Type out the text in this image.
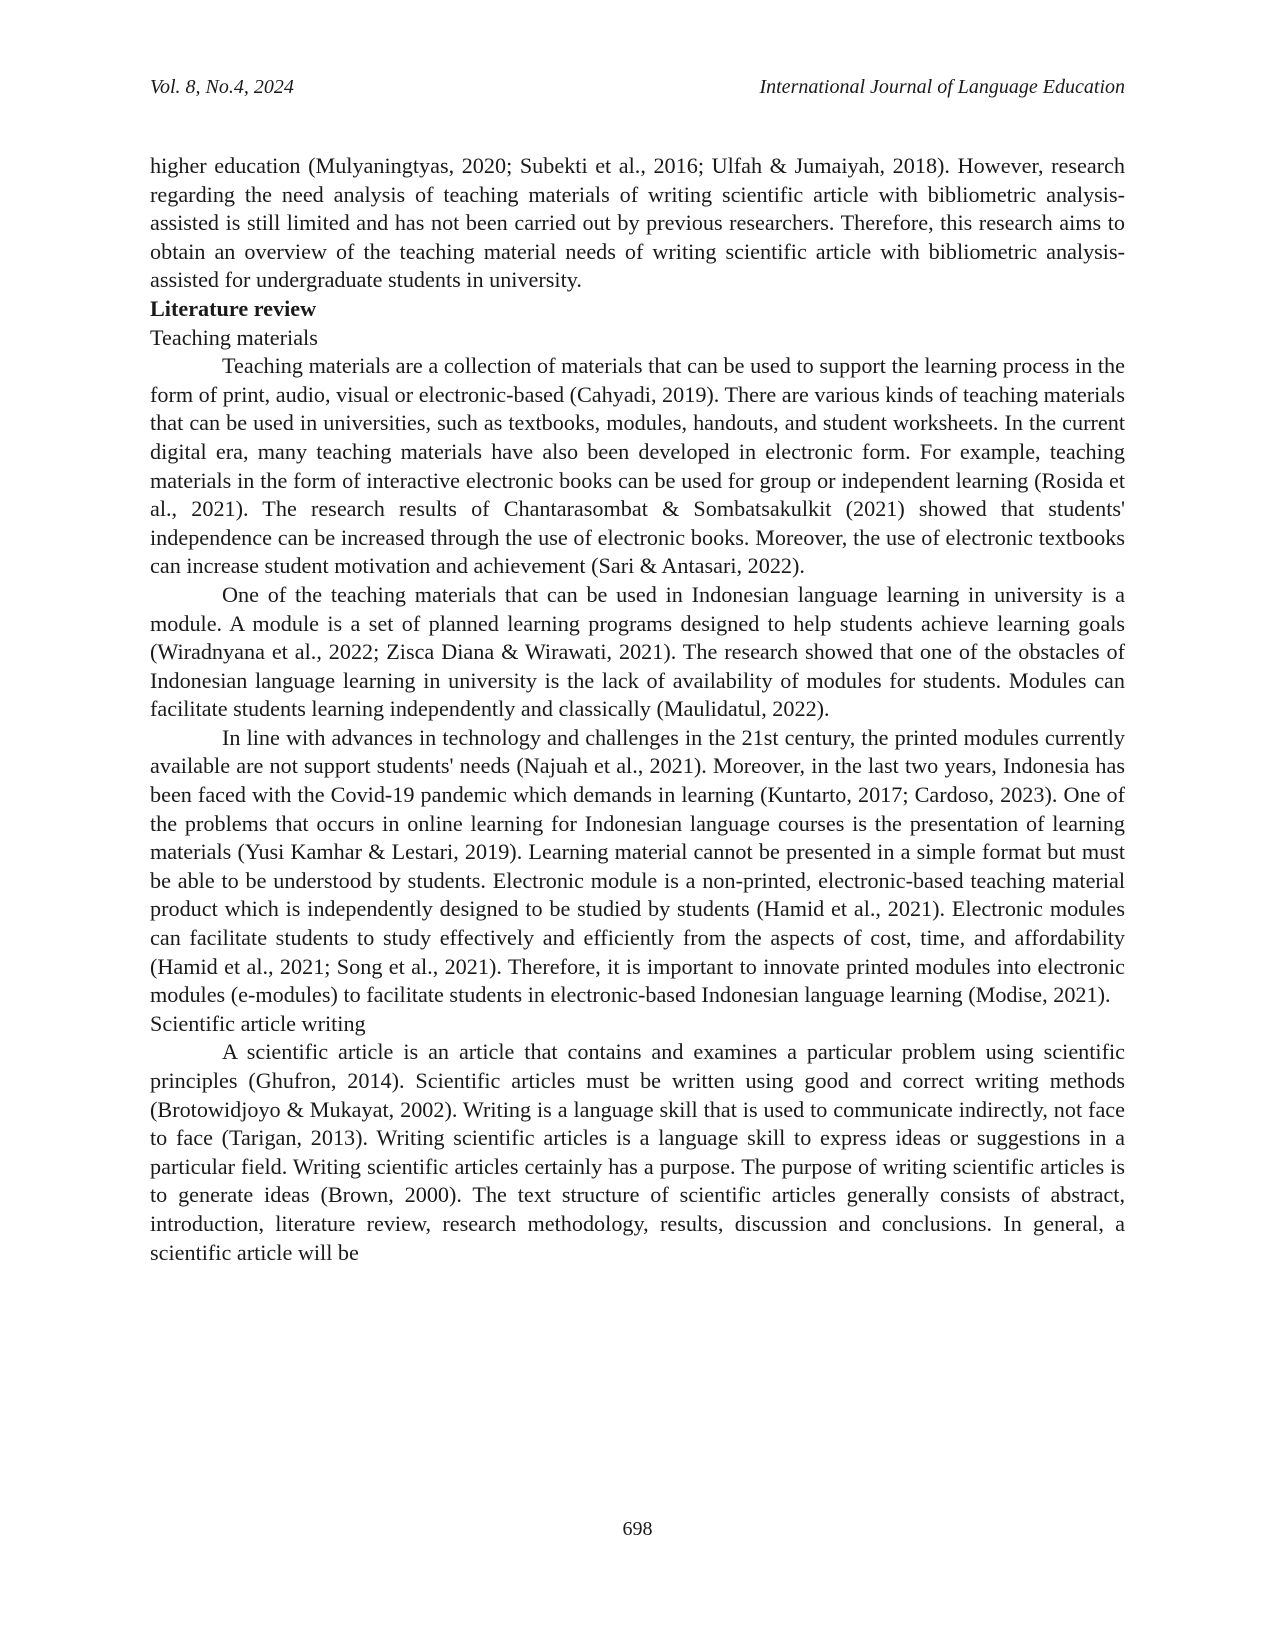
Vol. 8, No.4, 2024	International Journal of Language Education

higher education (Mulyaningtyas, 2020; Subekti et al., 2016; Ulfah & Jumaiyah, 2018). However, research regarding the need analysis of teaching materials of writing scientific article with bibliometric analysis-assisted is still limited and has not been carried out by previous researchers. Therefore, this research aims to obtain an overview of the teaching material needs of writing scientific article with bibliometric analysis-assisted for undergraduate students in university.

Literature review

Teaching materials

Teaching materials are a collection of materials that can be used to support the learning process in the form of print, audio, visual or electronic-based (Cahyadi, 2019). There are various kinds of teaching materials that can be used in universities, such as textbooks, modules, handouts, and student worksheets. In the current digital era, many teaching materials have also been developed in electronic form. For example, teaching materials in the form of interactive electronic books can be used for group or independent learning (Rosida et al., 2021). The research results of Chantarasombat & Sombatsakulkit (2021) showed that students' independence can be increased through the use of electronic books. Moreover, the use of electronic textbooks can increase student motivation and achievement (Sari & Antasari, 2022).

One of the teaching materials that can be used in Indonesian language learning in university is a module. A module is a set of planned learning programs designed to help students achieve learning goals (Wiradnyana et al., 2022; Zisca Diana & Wirawati, 2021). The research showed that one of the obstacles of Indonesian language learning in university is the lack of availability of modules for students. Modules can facilitate students learning independently and classically (Maulidatul, 2022).

In line with advances in technology and challenges in the 21st century, the printed modules currently available are not support students' needs (Najuah et al., 2021). Moreover, in the last two years, Indonesia has been faced with the Covid-19 pandemic which demands in learning (Kuntarto, 2017; Cardoso, 2023). One of the problems that occurs in online learning for Indonesian language courses is the presentation of learning materials (Yusi Kamhar & Lestari, 2019). Learning material cannot be presented in a simple format but must be able to be understood by students. Electronic module is a non-printed, electronic-based teaching material product which is independently designed to be studied by students (Hamid et al., 2021). Electronic modules can facilitate students to study effectively and efficiently from the aspects of cost, time, and affordability (Hamid et al., 2021; Song et al., 2021). Therefore, it is important to innovate printed modules into electronic modules (e-modules) to facilitate students in electronic-based Indonesian language learning (Modise, 2021).

Scientific article writing

A scientific article is an article that contains and examines a particular problem using scientific principles (Ghufron, 2014). Scientific articles must be written using good and correct writing methods (Brotowidjoyo & Mukayat, 2002). Writing is a language skill that is used to communicate indirectly, not face to face (Tarigan, 2013). Writing scientific articles is a language skill to express ideas or suggestions in a particular field. Writing scientific articles certainly has a purpose. The purpose of writing scientific articles is to generate ideas (Brown, 2000). The text structure of scientific articles generally consists of abstract, introduction, literature review, research methodology, results, discussion and conclusions. In general, a scientific article will be

698
